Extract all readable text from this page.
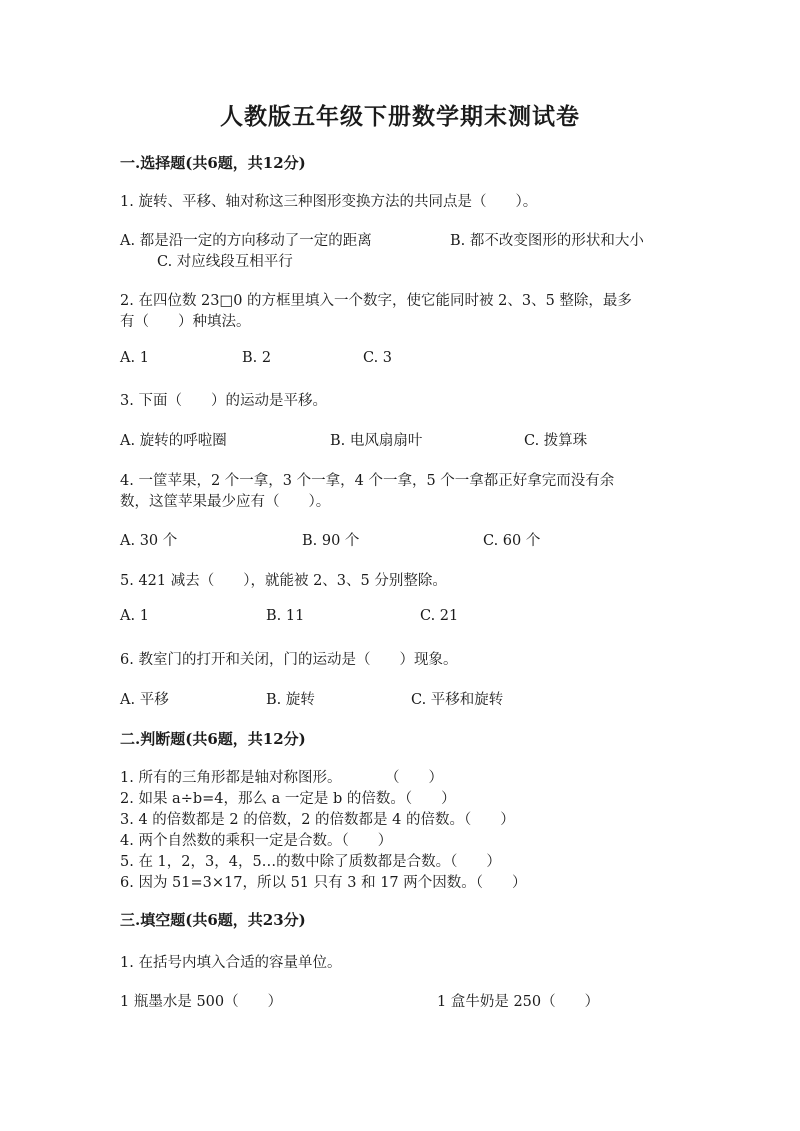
人教版五年级下册数学期末测试卷
一.选择题(共6题，共12分)
1. 旋转、平移、轴对称这三种图形变换方法的共同点是（　　）。
A. 都是沿一定的方向移动了一定的距离	B. 都不改变图形的形状和大小
C. 对应线段互相平行
2. 在四位数 23□0 的方框里填入一个数字，使它能同时被 2、3、5 整除，最多
有（　　）种填法。
A. 1	B. 2	C. 3
3. 下面（　　）的运动是平移。
A. 旋转的呼啦圈	B. 电风扇扇叶	C. 拨算珠
4. 一筐苹果，2 个一拿，3 个一拿，4 个一拿，5 个一拿都正好拿完而没有余
数，这筐苹果最少应有（　　）。
A. 30 个	B. 90 个	C. 60 个
5. 421 减去（　　），就能被 2、3、5 分别整除。
A. 1	B. 11	C. 21
6. 教室门的打开和关闭，门的运动是（　　）现象。
A. 平移	B. 旋转	C. 平移和旋转
二.判断题(共6题，共12分)
1. 所有的三角形都是轴对称图形。　　　　（　　）
2. 如果 a÷b=4，那么 a 一定是 b 的倍数。（　　）
3. 4 的倍数都是 2 的倍数，2 的倍数都是 4 的倍数。（　　）
4. 两个自然数的乘积一定是合数。（　　）
5. 在 1，2，3，4，5…的数中除了质数都是合数。（　　）
6. 因为 51=3×17，所以 51 只有 3 和 17 两个因数。（　　）
三.填空题(共6题，共23分)
1. 在括号内填入合适的容量单位。
1 瓶墨水是 500（　　）	1 盒牛奶是 250（　　）
